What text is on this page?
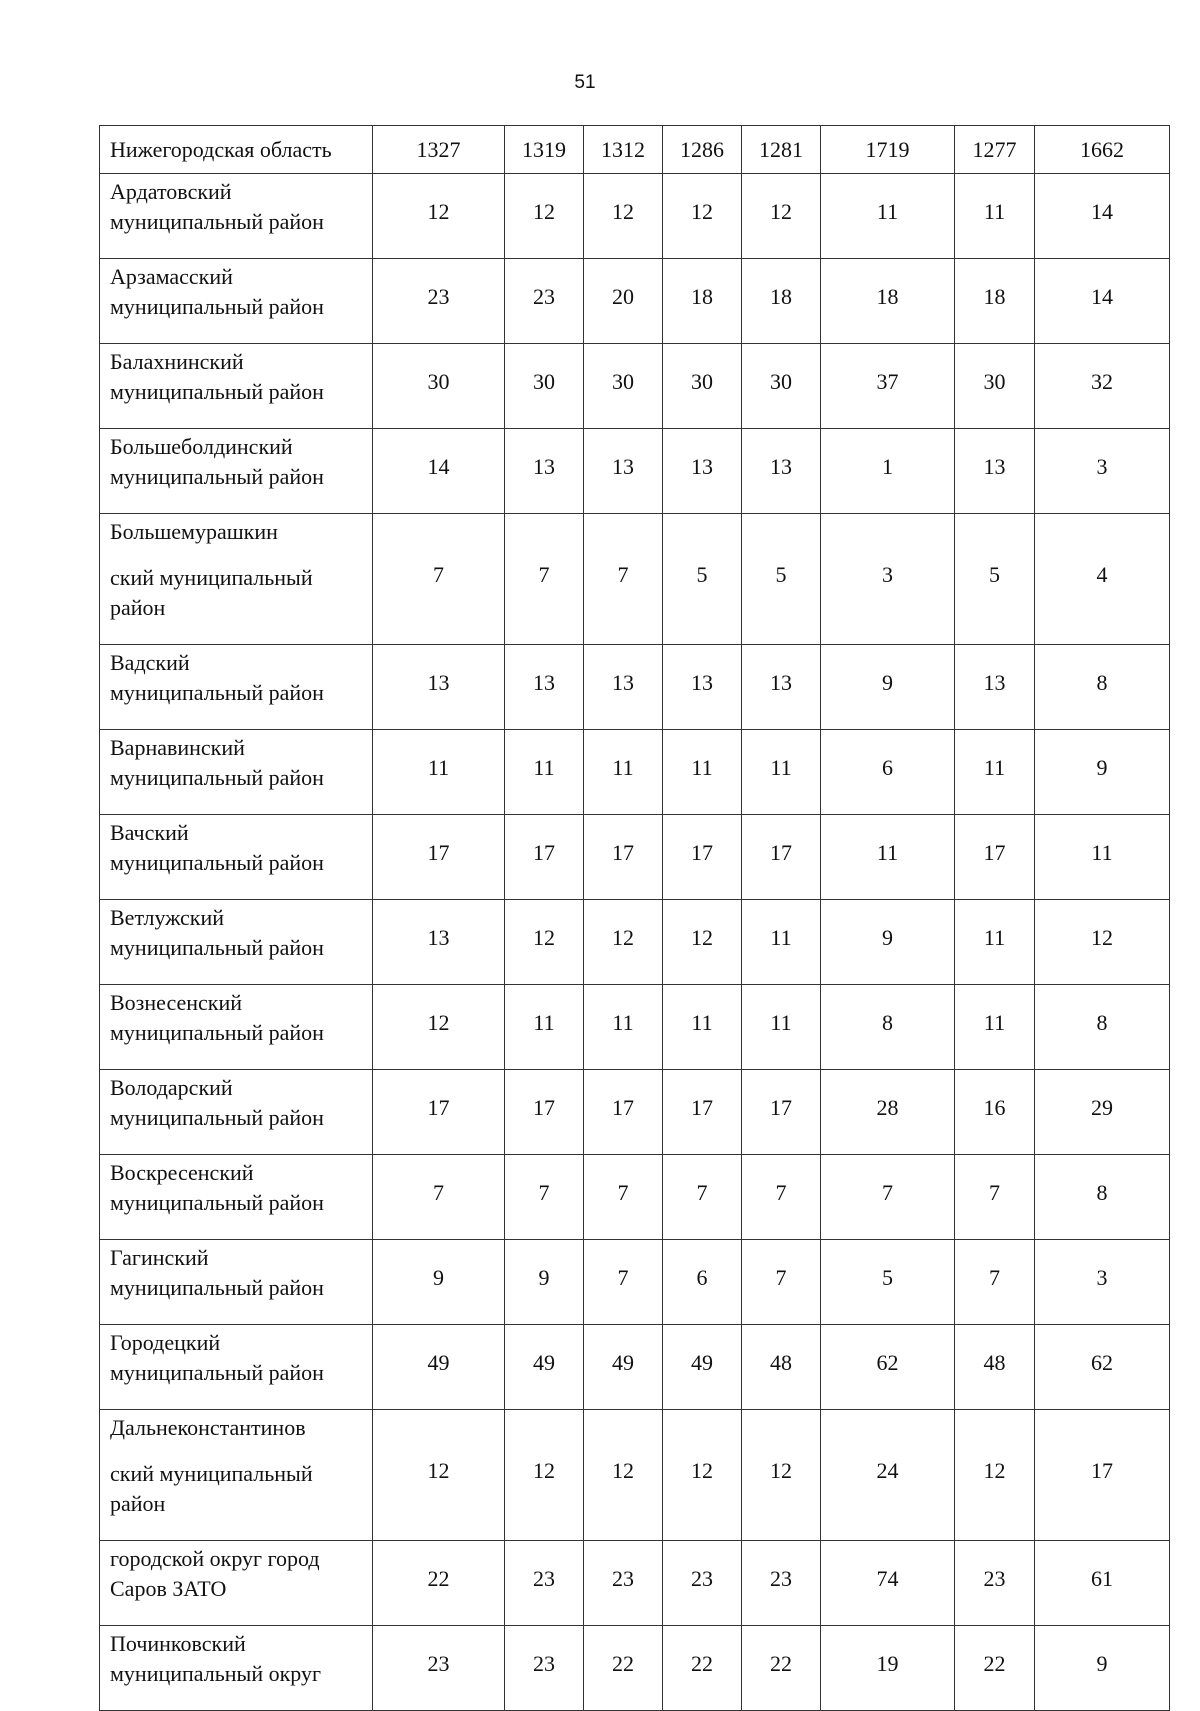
51
Нижегородская область	1327	1319	1312	1286	1281	1719	1277	1662

Ардатовский
муниципальный район	12	12	12	12	12	11	11	14

Арзамасский
муниципальный район	23	23	20	18	18	18	18	14

Балахнинский
муниципальный район	30	30	30	30	30	37	30	32

Большеболдинский
муниципальный район	14	13	13	13	13	1	13	3

Большемурашкин
ский муниципальный
район	7	7	7	5	5	3	5	4

Вадский
муниципальный район	13	13	13	13	13	9	13	8

Варнавинский
муниципальный район	11	11	11	11	11	6	11	9

Вачский
муниципальный район	17	17	17	17	17	11	17	11

Ветлужский
муниципальный район	13	12	12	12	11	9	11	12

Вознесенский
муниципальный район	12	11	11	11	11	8	11	8

Володарский
муниципальный район	17	17	17	17	17	28	16	29

Воскресенский
муниципальный район	7	7	7	7	7	7	7	8

Гагинский
муниципальный район	9	9	7	6	7	5	7	3

Городецкий
муниципальный район	49	49	49	49	48	62	48	62

Дальнеконстантинов
ский муниципальный
район	12	12	12	12	12	24	12	17

городской округ город
Саров ЗАТО	22	23	23	23	23	74	23	61

Починковский
муниципальный округ	23	23	22	22	22	19	22	9
